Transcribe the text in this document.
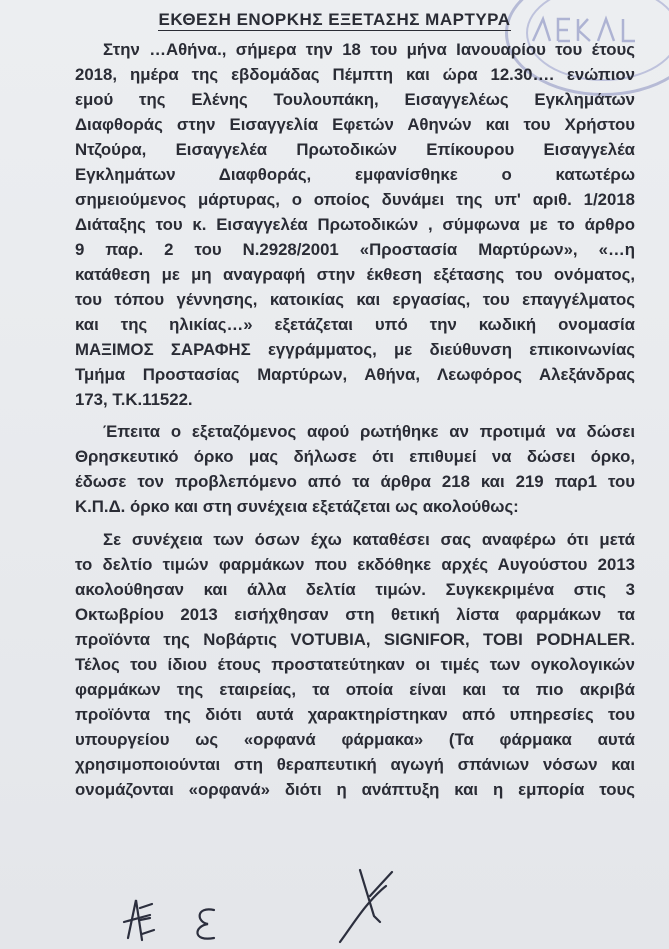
ΕΚΘΕΣΗ ΕΝΟΡΚΗΣ ΕΞΕΤΑΣΗΣ ΜΑΡΤΥΡΑ
Στην …Αθήνα., σήμερα την 18 του μήνα Ιανουαρίου του έτους
2018, ημέρα της εβδομάδας Πέμπτη και ώρα 12.30…. ενώπιον
εμού της Ελένης Τουλουπάκη, Εισαγγελέως Εγκλημάτων
Διαφθοράς στην Εισαγγελία Εφετών Αθηνών και του Χρήστου
Ντζούρα, Εισαγγελέα Πρωτοδικών Επίκουρου Εισαγγελέα
Εγκλημάτων Διαφθοράς, εμφανίσθηκε ο κατωτέρω
σημειούμενος μάρτυρας, ο οποίος δυνάμει της υπ' αριθ. 1/2018
Διάταξης του κ. Εισαγγελέα Πρωτοδικών , σύμφωνα με το άρθρο
9 παρ. 2 του Ν.2928/2001 «Προστασία Μαρτύρων», «…η
κατάθεση με μη αναγραφή στην έκθεση εξέτασης του ονόματος,
του τόπου γέννησης, κατοικίας και εργασίας, του επαγγέλματος
και της ηλικίας…» εξετάζεται υπό την κωδική ονομασία
ΜΑΞΙΜΟΣ ΣΑΡΑΦΗΣ εγγράμματος, με διεύθυνση επικοινωνίας
Τμήμα Προστασίας Μαρτύρων, Αθήνα, Λεωφόρος Αλεξάνδρας
173, Τ.Κ.11522.
Έπειτα ο εξεταζόμενος αφού ρωτήθηκε αν προτιμά να δώσει
Θρησκευτικό όρκο μας δήλωσε ότι επιθυμεί να δώσει όρκο,
έδωσε τον προβλεπόμενο από τα άρθρα 218 και 219 παρ1 του
Κ.Π.Δ. όρκο και στη συνέχεια εξετάζεται ως ακολούθως:
Σε συνέχεια των όσων έχω καταθέσει σας αναφέρω ότι μετά
το δελτίο τιμών φαρμάκων που εκδόθηκε αρχές Αυγούστου 2013
ακολούθησαν και άλλα δελτία τιμών. Συγκεκριμένα στις 3
Οκτωβρίου 2013 εισήχθησαν στη θετική λίστα φαρμάκων τα
προϊόντα της Νοβάρτις VOTUBIA, SIGNIFOR, TOBI PODHALER.
Τέλος του ίδιου έτους προστατεύτηκαν οι τιμές των ογκολογικών
φαρμάκων της εταιρείας, τα οποία είναι και τα πιο ακριβά
προϊόντα της διότι αυτά χαρακτηρίστηκαν από υπηρεσίες του
υπουργείου ως «ορφανά φάρμακα» (Τα φάρμακα αυτά
χρησιμοποιούνται στη θεραπευτική αγωγή σπάνιων νόσων και
ονομάζονται «ορφανά» διότι η ανάπτυξη και η εμπορία τους
